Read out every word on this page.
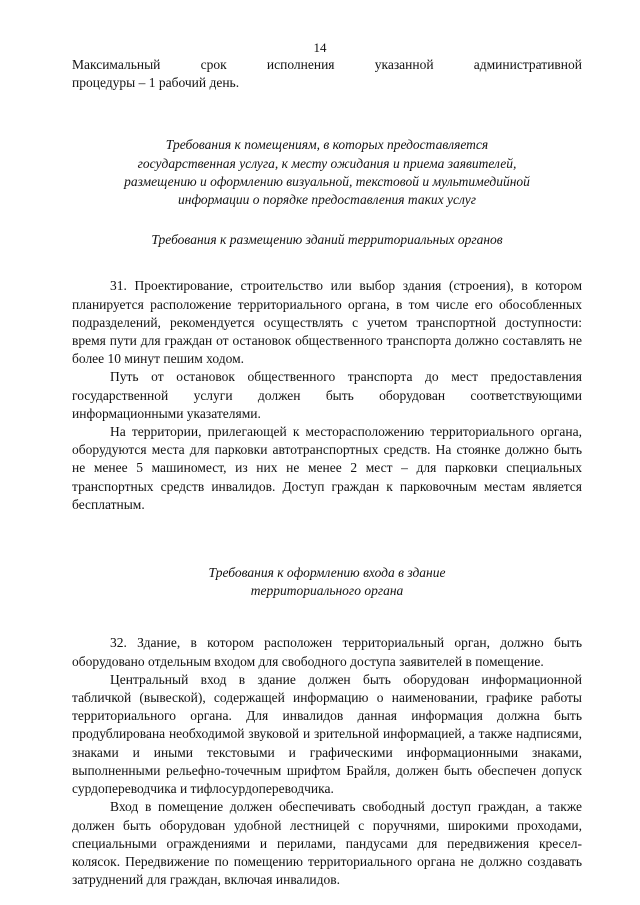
14

Максимальный срок исполнения указанной административной
процедуры – 1 рабочий день.

Требования к помещениям, в которых предоставляется

государственная услуга, к месту ожидания и приема заявителей,

размещению и оформлению визуальной, текстовой и мультимедийной

информации о порядке предоставления таких услуг

Требования к размещению зданий территориальных органов

31. Проектирование, строительство или выбор здания (строения), в котором планируется расположение территориального органа, в том числе его обособленных подразделений, рекомендуется осуществлять с учетом транспортной доступности: время пути для граждан от остановок общественного транспорта должно составлять не более 10 минут пешим ходом.

Путь от остановок общественного транспорта до мест предоставления государственной услуги должен быть оборудован соответствующими информационными указателями.

На территории, прилегающей к месторасположению территориального органа, оборудуются места для парковки автотранспортных средств. На стоянке должно быть не менее 5 машиномест, из них не менее 2 мест – для парковки специальных транспортных средств инвалидов. Доступ граждан к парковочным местам является бесплатным.

Требования к оформлению входа в здание

территориального органа

32. Здание, в котором расположен территориальный орган, должно быть оборудовано отдельным входом для свободного доступа заявителей в помещение.

Центральный вход в здание должен быть оборудован информационной табличкой (вывеской), содержащей информацию о наименовании, графике работы территориального органа. Для инвалидов данная информация должна быть продублирована необходимой звуковой и зрительной информацией, а также надписями, знаками и иными текстовыми и графическими информационными знаками, выполненными рельефно-точечным шрифтом Брайля, должен быть обеспечен допуск сурдопереводчика и тифлосурдопереводчика.

Вход в помещение должен обеспечивать свободный доступ граждан, а также должен быть оборудован удобной лестницей с поручнями, широкими проходами, специальными ограждениями и перилами, пандусами для передвижения кресел-колясок. Передвижение по помещению территориального органа не должно создавать затруднений для граждан, включая инвалидов.
